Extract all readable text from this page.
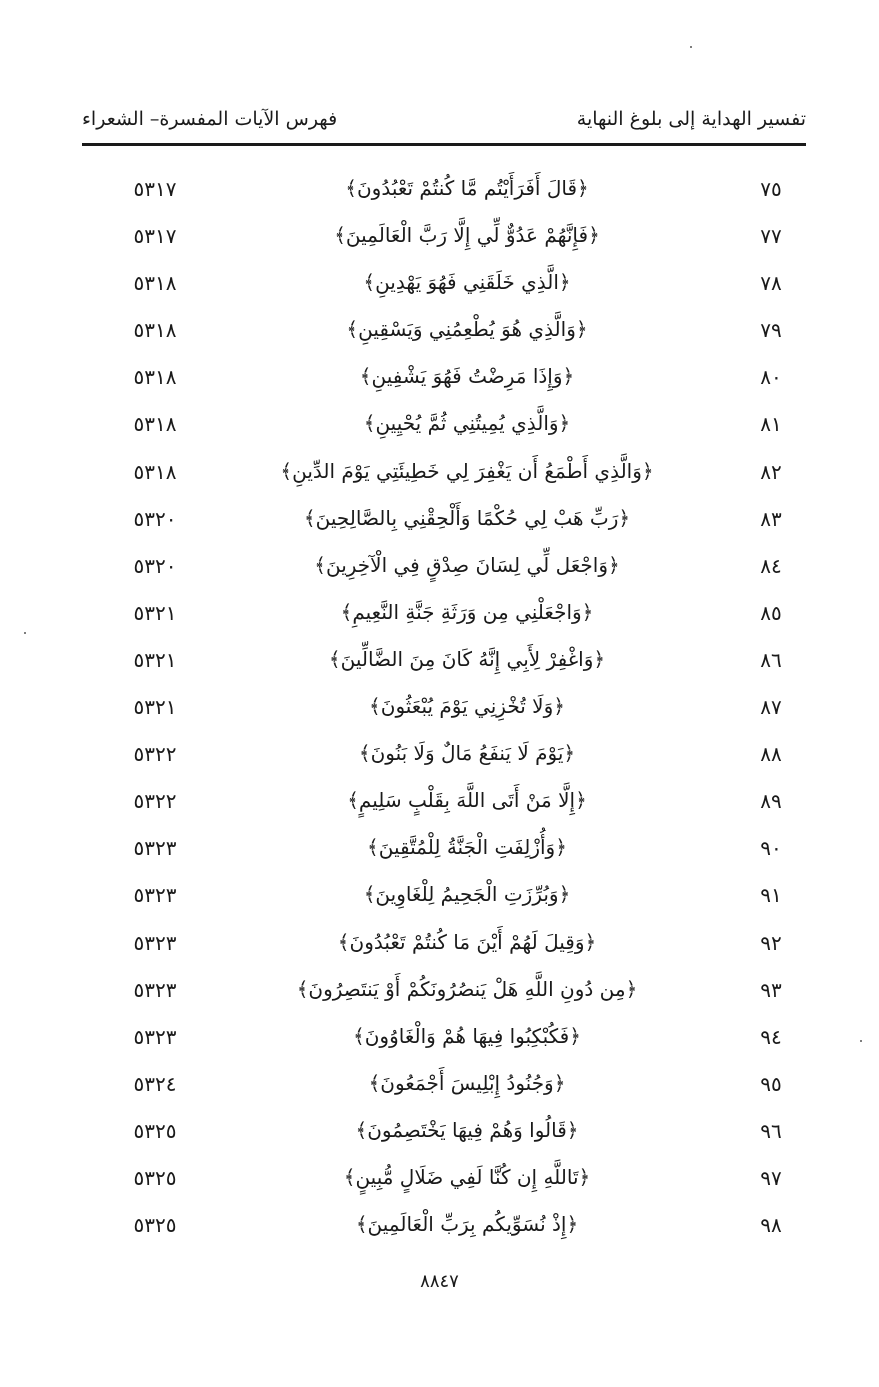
تفسير الهداية إلى بلوغ النهاية
فهرس الآيات المفسرة– الشعراء
٧٥
﴿قَالَ أَفَرَأَيْتُم مَّا كُنتُمْ تَعْبُدُونَ﴾
٥٣١٧
٧٧
﴿فَإِنَّهُمْ عَدُوٌّ لِّي إِلَّا رَبَّ الْعَالَمِينَ﴾
٥٣١٧
٧٨
﴿الَّذِي خَلَقَنِي فَهُوَ يَهْدِينِ﴾
٥٣١٨
٧٩
﴿وَالَّذِي هُوَ يُطْعِمُنِي وَيَسْقِينِ﴾
٥٣١٨
٨٠
﴿وَإِذَا مَرِضْتُ فَهُوَ يَشْفِينِ﴾
٥٣١٨
٨١
﴿وَالَّذِي يُمِيتُنِي ثُمَّ يُحْيِينِ﴾
٥٣١٨
٨٢
﴿وَالَّذِي أَطْمَعُ أَن يَغْفِرَ لِي خَطِيئَتِي يَوْمَ الدِّينِ﴾
٥٣١٨
٨٣
﴿رَبِّ هَبْ لِي حُكْمًا وَأَلْحِقْنِي بِالصَّالِحِينَ﴾
٥٣٢٠
٨٤
﴿وَاجْعَل لِّي لِسَانَ صِدْقٍ فِي الْآخِرِينَ﴾
٥٣٢٠
٨٥
﴿وَاجْعَلْنِي مِن وَرَثَةِ جَنَّةِ النَّعِيمِ﴾
٥٣٢١
٨٦
﴿وَاغْفِرْ لِأَبِي إِنَّهُ كَانَ مِنَ الضَّالِّينَ﴾
٥٣٢١
٨٧
﴿وَلَا تُخْزِنِي يَوْمَ يُبْعَثُونَ﴾
٥٣٢١
٨٨
﴿يَوْمَ لَا يَنفَعُ مَالٌ وَلَا بَنُونَ﴾
٥٣٢٢
٨٩
﴿إِلَّا مَنْ أَتَى اللَّهَ بِقَلْبٍ سَلِيمٍ﴾
٥٣٢٢
٩٠
﴿وَأُزْلِفَتِ الْجَنَّةُ لِلْمُتَّقِينَ﴾
٥٣٢٣
٩١
﴿وَبُرِّزَتِ الْجَحِيمُ لِلْغَاوِينَ﴾
٥٣٢٣
٩٢
﴿وَقِيلَ لَهُمْ أَيْنَ مَا كُنتُمْ تَعْبُدُونَ﴾
٥٣٢٣
٩٣
﴿مِن دُونِ اللَّهِ هَلْ يَنصُرُونَكُمْ أَوْ يَنتَصِرُونَ﴾
٥٣٢٣
٩٤
﴿فَكُبْكِبُوا فِيهَا هُمْ وَالْغَاوُونَ﴾
٥٣٢٣
٩٥
﴿وَجُنُودُ إِبْلِيسَ أَجْمَعُونَ﴾
٥٣٢٤
٩٦
﴿قَالُوا وَهُمْ فِيهَا يَخْتَصِمُونَ﴾
٥٣٢٥
٩٧
﴿تَاللَّهِ إِن كُنَّا لَفِي ضَلَالٍ مُّبِينٍ﴾
٥٣٢٥
٩٨
﴿إِذْ نُسَوِّيكُم بِرَبِّ الْعَالَمِينَ﴾
٥٣٢٥
٨٨٤٧
